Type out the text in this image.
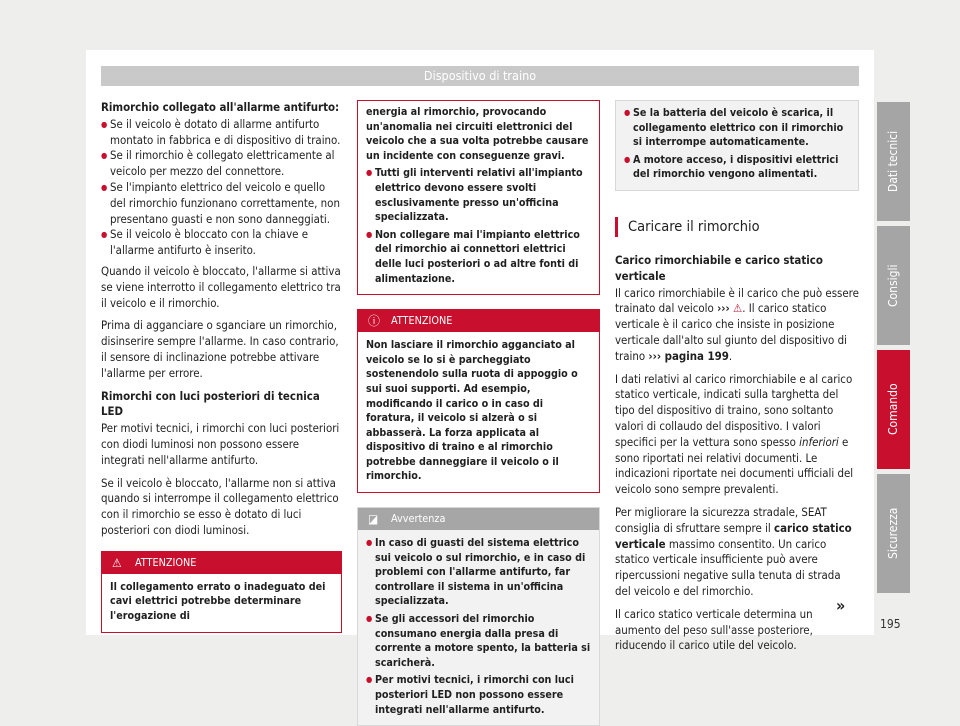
Dispositivo di traino

Rimorchio collegato all'allarme antifurto:

● Se il veicolo è dotato di allarme antifurto montato in fabbrica e di dispositivo di traino.

● Se il rimorchio è collegato elettricamente al veicolo per mezzo del connettore.

● Se l'impianto elettrico del veicolo e quello del rimorchio funzionano correttamente, non presentano guasti e non sono danneggiati.

● Se il veicolo è bloccato con la chiave e l'allarme antifurto è inserito.

Quando il veicolo è bloccato, l'allarme si attiva se viene interrotto il collegamento elettrico tra il veicolo e il rimorchio.

Prima di agganciare o sganciare un rimorchio, disinserire sempre l'allarme. In caso contrario, il sensore di inclinazione potrebbe attivare l'allarme per errore.

Rimorchi con luci posteriori di tecnica LED

Per motivi tecnici, i rimorchi con luci posteriori con diodi luminosi non possono essere integrati nell'allarme antifurto.

Se il veicolo è bloccato, l'allarme non si attiva quando si interrompe il collegamento elettrico con il rimorchio se esso è dotato di luci posteriori con diodi luminosi.

⚠ ATTENZIONE
Il collegamento errato o inadeguato dei cavi elettrici potrebbe determinare l'erogazione di

energia al rimorchio, provocando un'anomalia nei circuiti elettronici del veicolo che a sua volta potrebbe causare un incidente con conseguenze gravi.

● Tutti gli interventi relativi all'impianto elettrico devono essere svolti esclusivamente presso un'officina specializzata.

● Non collegare mai l'impianto elettrico del rimorchio ai connettori elettrici delle luci posteriori o ad altre fonti di alimentazione.

ⓘ ATTENZIONE
Non lasciare il rimorchio agganciato al veicolo se lo si è parcheggiato sostenendolo sulla ruota di appoggio o sui suoi supporti. Ad esempio, modificando il carico o in caso di foratura, il veicolo si alzerà o si abbasserà. La forza applicata al dispositivo di traino e al rimorchio potrebbe danneggiare il veicolo o il rimorchio.
◪ Avvertenza

● In caso di guasti del sistema elettrico sui veicolo o sul rimorchio, e in caso di problemi con l'allarme antifurto, far controllare il sistema in un'officina specializzata.

● Se gli accessori del rimorchio consumano energia dalla presa di corrente a motore spento, la batteria si scaricherà.

● Per motivi tecnici, i rimorchi con luci posteriori LED non possono essere integrati nell'allarme antifurto.

● Se la batteria del veicolo è scarica, il collegamento elettrico con il rimorchio si interrompe automaticamente.

● A motore acceso, i dispositivi elettrici del rimorchio vengono alimentati.

Caricare il rimorchio

Carico rimorchiabile e carico statico verticale

Il carico rimorchiabile è il carico che può essere trainato dal veicolo ››› ⚠. Il carico statico verticale è il carico che insiste in posizione verticale dall'alto sul giunto del dispositivo di traino ››› pagina 199.

I dati relativi al carico rimorchiabile e al carico statico verticale, indicati sulla targhetta del tipo del dispositivo di traino, sono soltanto valori di collaudo del dispositivo. I valori specifici per la vettura sono spesso inferiori e sono riportati nei relativi documenti. Le indicazioni riportate nei documenti ufficiali del veicolo sono sempre prevalenti.

Per migliorare la sicurezza stradale, SEAT consiglia di sfruttare sempre il carico statico verticale massimo consentito. Un carico statico verticale insufficiente può avere ripercussioni negative sulla tenuta di strada del veicolo e del rimorchio.

Il carico statico verticale determina un aumento del peso sull'asse posteriore, riducendo il carico utile del veicolo.

»
Dati tecnici
Consigli
Comando
Sicurezza
195
